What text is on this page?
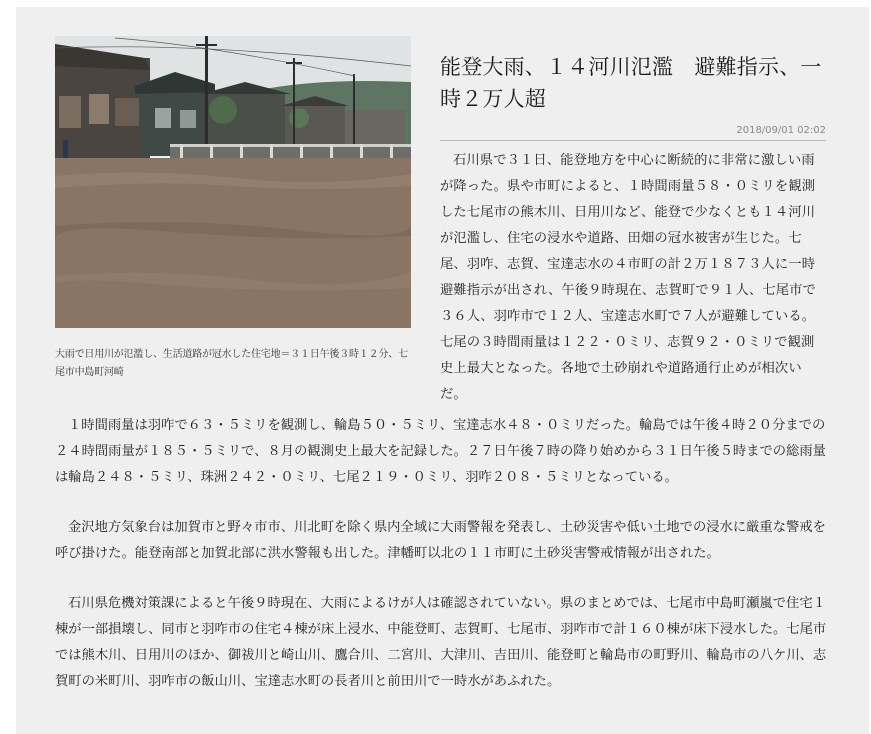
大雨で日用川が氾濫し、生活道路が冠水した住宅地＝３１日午後３時１２分、七尾市中島町河崎
能登大雨、１４河川氾濫　避難指示、一時２万人超
2018/09/01 02:02
石川県で３１日、能登地方を中心に断続的に非常に激しい雨が降った。県や市町によると、１時間雨量５８・０ミリを観測した七尾市の熊木川、日用川など、能登で少なくとも１４河川が氾濫し、住宅の浸水や道路、田畑の冠水被害が生じた。七尾、羽咋、志賀、宝達志水の４市町の計２万１８７３人に一時避難指示が出され、午後９時現在、志賀町で９１人、七尾市で３６人、羽咋市で１２人、宝達志水町で７人が避難している。七尾の３時間雨量は１２２・０ミリ、志賀９２・０ミリで観測史上最大となった。各地で土砂崩れや道路通行止めが相次いだ。

１時間雨量は羽咋で６３・５ミリを観測し、輪島５０・５ミリ、宝達志水４８・０ミリだった。輪島では午後４時２０分までの２４時間雨量が１８５・５ミリで、８月の観測史上最大を記録した。２７日午後７時の降り始めから３１日午後５時までの総雨量は輪島２４８・５ミリ、珠洲２４２・０ミリ、七尾２１９・０ミリ、羽咋２０８・５ミリとなっている。

金沢地方気象台は加賀市と野々市市、川北町を除く県内全域に大雨警報を発表し、土砂災害や低い土地での浸水に厳重な警戒を呼び掛けた。能登南部と加賀北部に洪水警報も出した。津幡町以北の１１市町に土砂災害警戒情報が出された。

石川県危機対策課によると午後９時現在、大雨によるけが人は確認されていない。県のまとめでは、七尾市中島町瀬嵐で住宅１棟が一部損壊し、同市と羽咋市の住宅４棟が床上浸水、中能登町、志賀町、七尾市、羽咋市で計１６０棟が床下浸水した。七尾市では熊木川、日用川のほか、御祓川と崎山川、鷹合川、二宮川、大津川、吉田川、能登町と輪島市の町野川、輪島市の八ケ川、志賀町の米町川、羽咋市の飯山川、宝達志水町の長者川と前田川で一時水があふれた。
